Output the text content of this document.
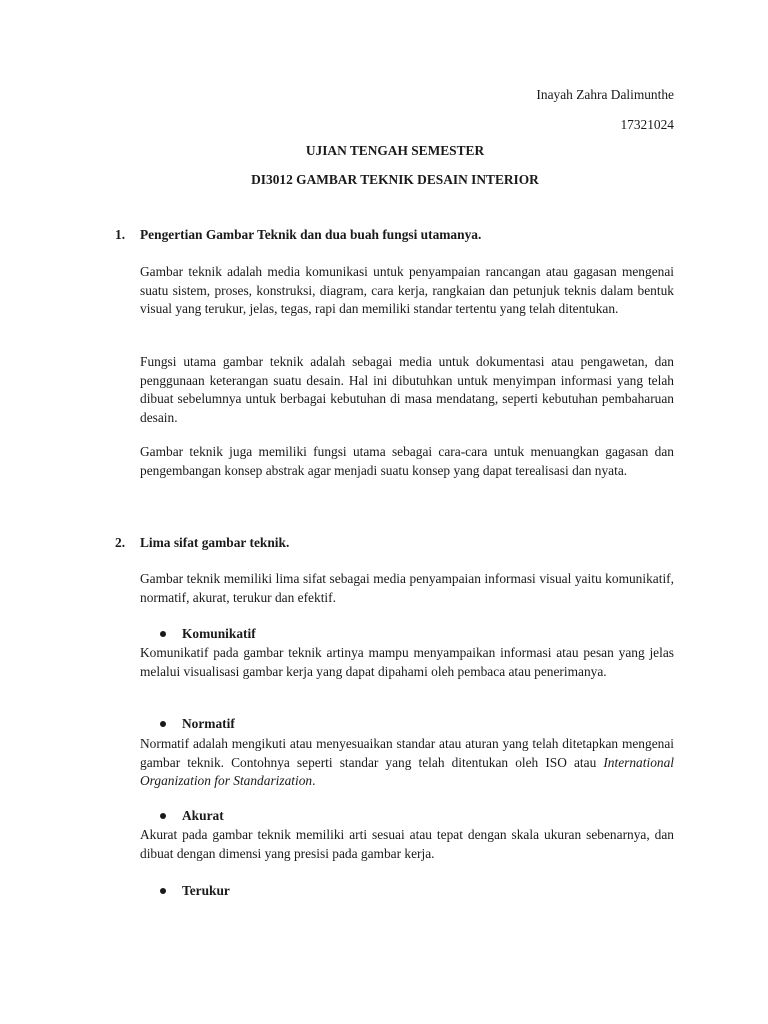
Inayah Zahra Dalimunthe
17321024
UJIAN TENGAH SEMESTER
DI3012 GAMBAR TEKNIK DESAIN INTERIOR
1. Pengertian Gambar Teknik dan dua buah fungsi utamanya.
Gambar teknik adalah media komunikasi untuk penyampaian rancangan atau gagasan mengenai suatu sistem, proses, konstruksi, diagram, cara kerja, rangkaian dan petunjuk teknis dalam bentuk visual yang terukur, jelas, tegas, rapi dan memiliki standar tertentu yang telah ditentukan.
Fungsi utama gambar teknik adalah sebagai media untuk dokumentasi atau pengawetan, dan penggunaan keterangan suatu desain. Hal ini dibutuhkan untuk menyimpan informasi yang telah dibuat sebelumnya untuk berbagai kebutuhan di masa mendatang, seperti kebutuhan pembaharuan desain.
Gambar teknik juga memiliki fungsi utama sebagai cara-cara untuk menuangkan gagasan dan pengembangan konsep abstrak agar menjadi suatu konsep yang dapat terealisasi dan nyata.
2. Lima sifat gambar teknik.
Gambar teknik memiliki lima sifat sebagai media penyampaian informasi visual yaitu komunikatif, normatif, akurat, terukur dan efektif.
Komunikatif
Komunikatif pada gambar teknik artinya mampu menyampaikan informasi atau pesan yang jelas melalui visualisasi gambar kerja yang dapat dipahami oleh pembaca atau penerimanya.
Normatif
Normatif adalah mengikuti atau menyesuaikan standar atau aturan yang telah ditetapkan mengenai gambar teknik. Contohnya seperti standar yang telah ditentukan oleh ISO atau International Organization for Standarization.
Akurat
Akurat pada gambar teknik memiliki arti sesuai atau tepat dengan skala ukuran sebenarnya, dan dibuat dengan dimensi yang presisi pada gambar kerja.
Terukur
